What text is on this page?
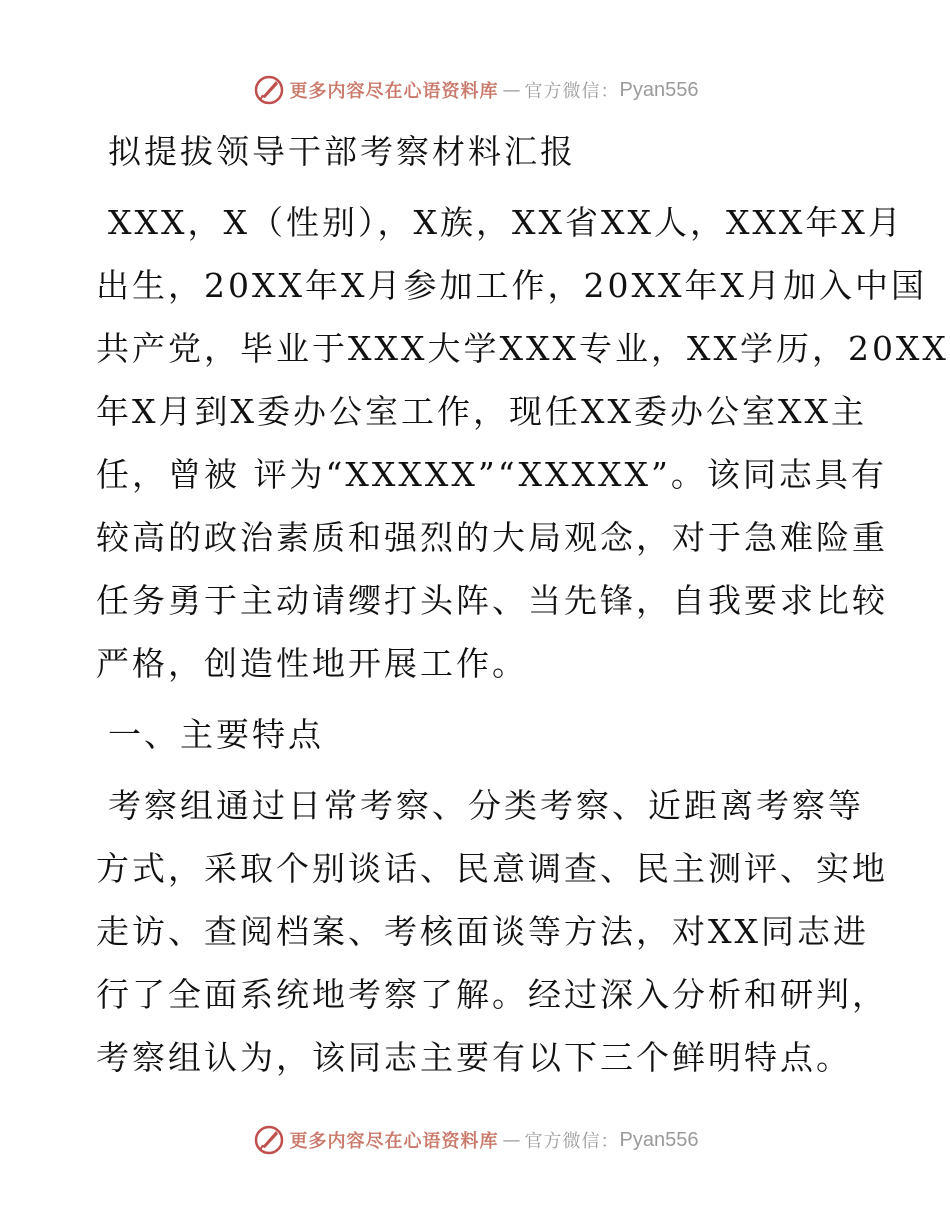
更多内容尽在心语资料库 — 官方微信： Pyan556
拟提拔领导干部考察材料汇报
XXX，X（性别），X族，XX省XX人，XXX年X月
出生，20XX年X月参加工作，20XX年X月加入中国
共产党，毕业于XXX大学XXX专业，XX学历，20XX
年X月到X委办公室工作，现任XX委办公室XX主
任，曾被 评为“XXXXX”“XXXXX”。该同志具有
较高的政治素质和强烈的大局观念，对于急难险重
任务勇于主动请缨打头阵、当先锋，自我要求比较
严格，创造性地开展工作。
一、主要特点
考察组通过日常考察、分类考察、近距离考察等
方式，采取个别谈话、民意调查、民主测评、实地
走访、查阅档案、考核面谈等方法，对XX同志进
行了全面系统地考察了解。经过深入分析和研判，
考察组认为，该同志主要有以下三个鲜明特点。
更多内容尽在心语资料库 — 官方微信： Pyan556
